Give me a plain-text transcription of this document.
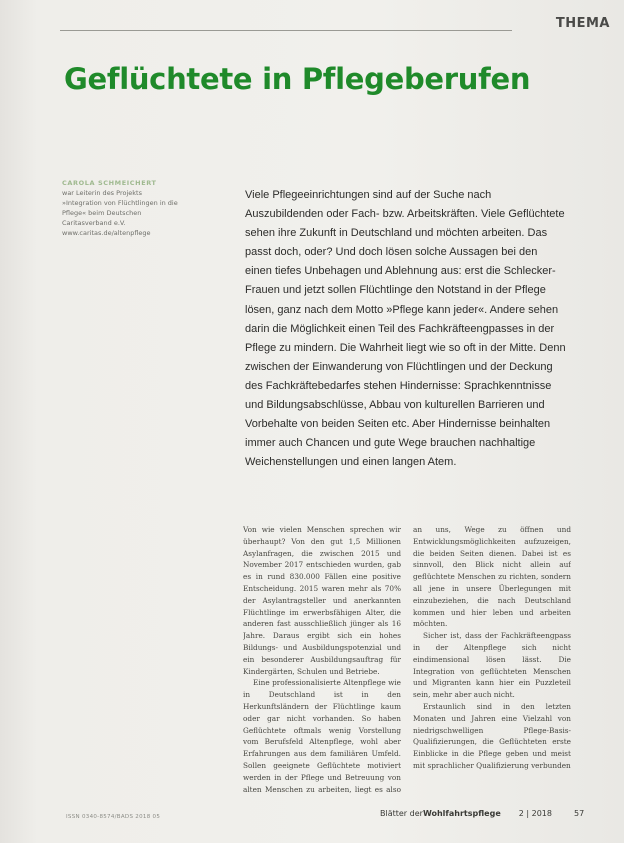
THEMA
Geflüchtete in Pflegeberufen
CAROLA SCHMEICHERT
war Leiterin des Projekts »Integration von Flüchtlingen in die Pflege« beim Deutschen Caritasverband e.V.
www.caritas.de/altenpflege

Viele Pflegeeinrichtungen sind auf der Suche nach Auszubildenden oder Fach- bzw. Arbeitskräften. Viele Geflüchtete sehen ihre Zukunft in Deutschland und möchten arbeiten. Das passt doch, oder? Und doch lösen solche Aussagen bei den einen tiefes Unbehagen und Ablehnung aus: erst die Schlecker-Frauen und jetzt sollen Flüchtlinge den Notstand in der Pflege lösen, ganz nach dem Motto »Pflege kann jeder«. Andere sehen darin die Möglichkeit einen Teil des Fachkräfteengpasses in der Pflege zu mindern. Die Wahrheit liegt wie so oft in der Mitte. Denn zwischen der Einwanderung von Flüchtlingen und der Deckung des Fachkräftebedarfes stehen Hindernisse: Sprachkenntnisse und Bildungsabschlüsse, Abbau von kulturellen Barrieren und Vorbehalte von beiden Seiten etc. Aber Hindernisse beinhalten immer auch Chancen und gute Wege brauchen nachhaltige Weichenstellungen und einen langen Atem.

Von wie vielen Menschen sprechen wir überhaupt? Von den gut 1,5 Millionen Asylanfragen, die zwischen 2015 und November 2017 entschieden wurden, gab es in rund 830.000 Fällen eine positive Entscheidung. 2015 waren mehr als 70% der Asylantragsteller und anerkannten Flüchtlinge im erwerbsfähigen Alter, die anderen fast ausschließlich jünger als 16 Jahre. Daraus ergibt sich ein hohes Bildungs- und Ausbildungspotenzial und ein besonderer Ausbildungsauftrag für Kindergärten, Schulen und Betriebe.

Eine professionalisierte Altenpflege wie in Deutschland ist in den Herkunftsländern der Flüchtlinge kaum oder gar nicht vorhanden. So haben Geflüchtete oftmals wenig Vorstellung vom Berufsfeld Altenpflege, wohl aber Erfahrungen aus dem familiären Umfeld. Sollen geeignete Geflüchtete motiviert werden in der Pflege und Betreuung von alten Menschen zu arbeiten, liegt es also an uns, Wege zu öffnen und Entwicklungsmöglichkeiten aufzuzeigen, die beiden Seiten dienen. Dabei ist es sinnvoll, den Blick nicht allein auf geflüchtete Menschen zu richten, sondern all jene in unsere Überlegungen mit einzubeziehen, die nach Deutschland kommen und hier leben und arbeiten möchten.

Sicher ist, dass der Fachkräfteengpass in der Altenpflege sich nicht eindimensional lösen lässt. Die Integration von geflüchteten Menschen und Migranten kann hier ein Puzzleteil sein, mehr aber auch nicht.

Erstaunlich sind in den letzten Monaten und Jahren eine Vielzahl von niedrigschwelligen Pflege-Basis-Qualifizierungen, die Geflüchteten erste Einblicke in die Pflege geben und meist mit sprachlicher Qualifizierung verbunden

ISSN 0340-8574/BADS 2018 05	Blätter der Wohlfahrtspflege 2 | 2018	57
